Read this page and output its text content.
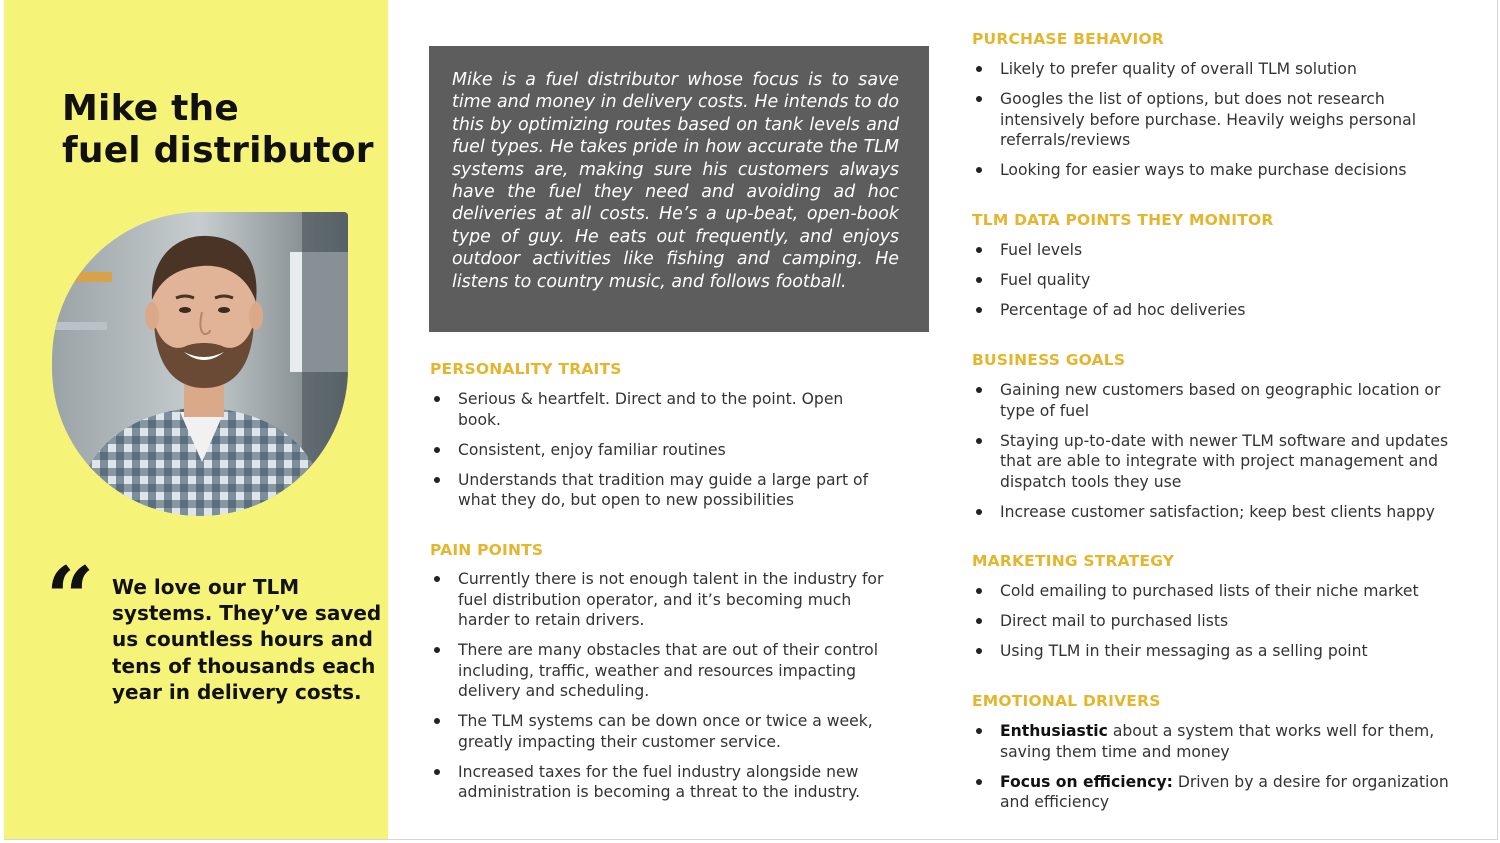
Mike the
fuel distributor
“ We love our TLM systems. They’ve saved us countless hours and tens of thousands each year in delivery costs.

Mike is a fuel distributor whose focus is to save time and money in delivery costs. He intends to do this by optimizing routes based on tank levels and fuel types. He takes pride in how accurate the TLM systems are, making sure his customers always have the fuel they need and avoiding ad hoc deliveries at all costs. He’s a up-beat, open-book type of guy. He eats out frequently, and enjoys outdoor activities like fishing and camping. He listens to country music, and follows football.

PERSONALITY TRAITS
Serious & heartfelt. Direct and to the point. Open book.
Consistent, enjoy familiar routines
Understands that tradition may guide a large part of what they do, but open to new possibilities
PAIN POINTS
Currently there is not enough talent in the industry for fuel distribution operator, and it’s becoming much harder to retain drivers.
There are many obstacles that are out of their control including, traffic, weather and resources impacting delivery and scheduling.
The TLM systems can be down once or twice a week, greatly impacting their customer service.
Increased taxes for the fuel industry alongside new administration is becoming a threat to the industry.
PURCHASE BEHAVIOR
Likely to prefer quality of overall TLM solution
Googles the list of options, but does not research intensively before purchase. Heavily weighs personal referrals/reviews
Looking for easier ways to make purchase decisions
TLM DATA POINTS THEY MONITOR
Fuel levels
Fuel quality
Percentage of ad hoc deliveries
BUSINESS GOALS
Gaining new customers based on geographic location or type of fuel
Staying up-to-date with newer TLM software and updates that are able to integrate with project management and dispatch tools they use
Increase customer satisfaction; keep best clients happy
MARKETING STRATEGY
Cold emailing to purchased lists of their niche market
Direct mail to purchased lists
Using TLM in their messaging as a selling point
EMOTIONAL DRIVERS
Enthusiastic about a system that works well for them, saving them time and money
Focus on efficiency: Driven by a desire for organization and efficiency
